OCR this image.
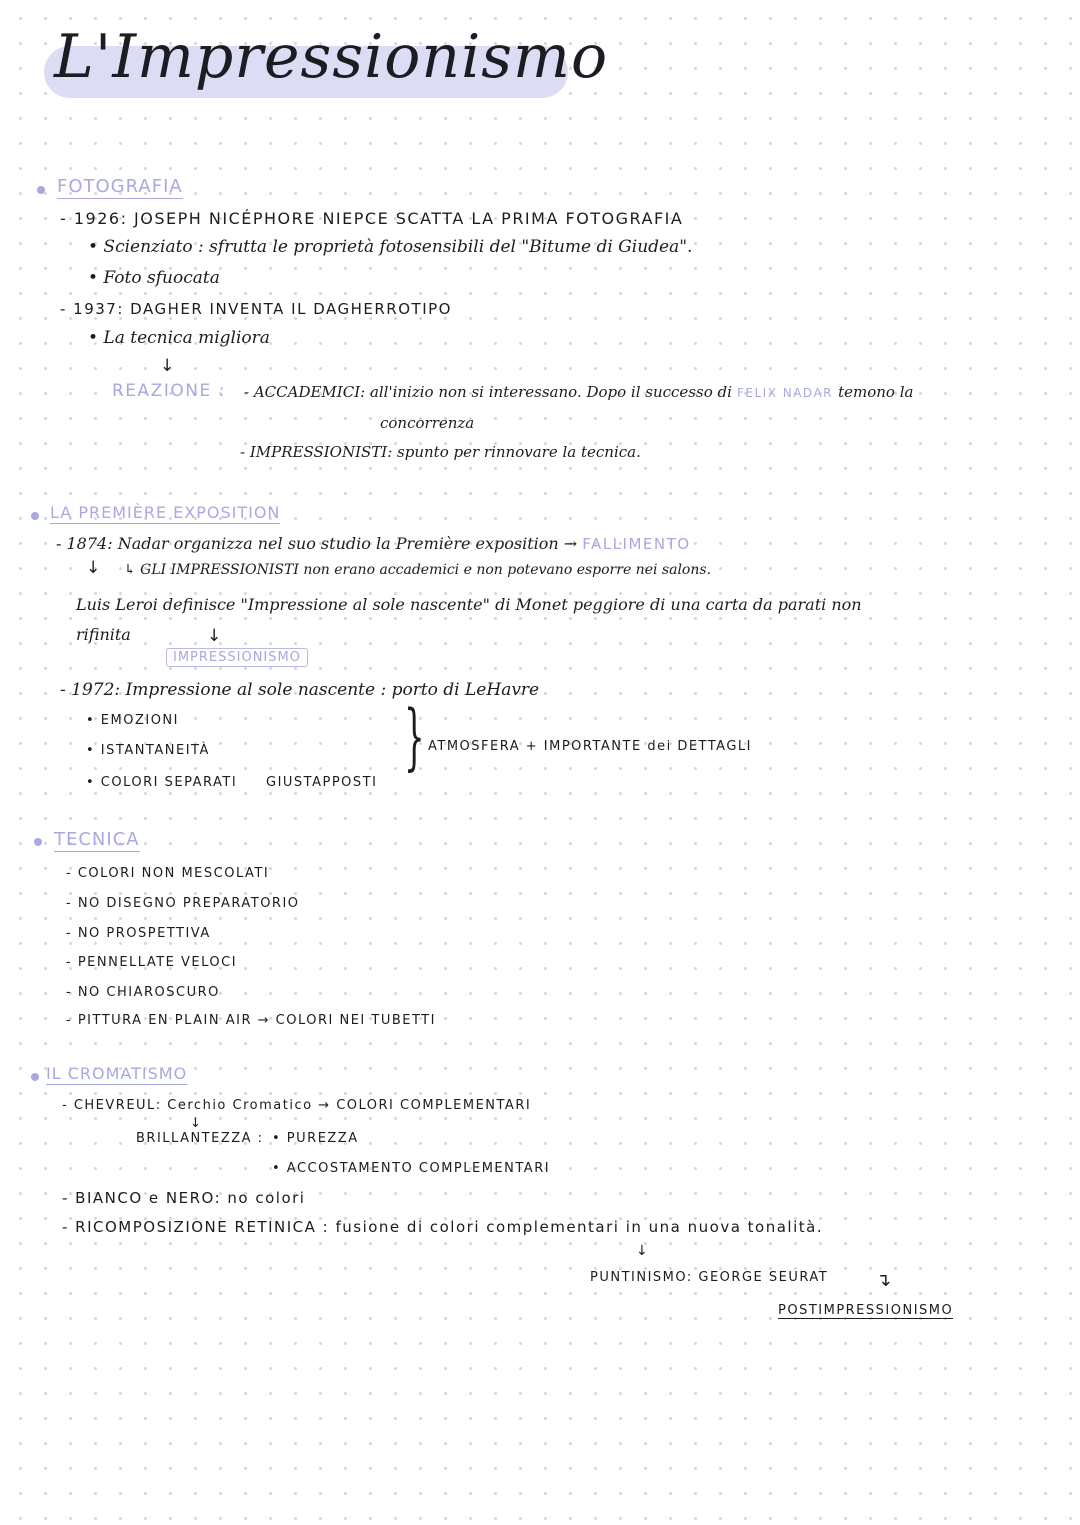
L'Impressionismo
FOTOGRAFIA
- 1926: JOSEPH NICÉPHORE NIEPCE SCATTA LA PRIMA FOTOGRAFIA
• Scienziato : sfrutta le proprietà fotosensibili del "Bitume di Giudea".
• Foto sfuocata
- 1937: DAGHER INVENTA IL DAGHERROTIPO
• La tecnica migliora
↓
REAZIONE : - ACCADEMICI: all'inizio non si interessano. Dopo il successo di FELIX NADAR temono la
concorrenza
- IMPRESSIONISTI: spunto per rinnovare la tecnica.
LA PREMIÈRE EXPOSITION
- 1874: Nadar organizza nel suo studio la Première exposition → FALLIMENTO
↓ ↳ GLI IMPRESSIONISTI non erano accademici e non potevano esporre nei salons.
Luis Leroi definisce "Impressione al sole nascente" di Monet peggiore di una carta da parati non
rifinita	↓
IMPRESSIONISMO
- 1972: Impressione al sole nascente : porto di LeHavre
• EMOZIONI
• ISTANTANEITÀ
• COLORI SEPARATI GIUSTAPPOSTI
} ATMOSFERA + IMPORTANTE dei DETTAGLI
TECNICA
- COLORI NON MESCOLATI
- NO DISEGNO PREPARATORIO
- NO PROSPETTIVA
- PENNELLATE VELOCI
- NO CHIAROSCURO
- PITTURA EN PLAIN AIR → COLORI NEI TUBETTI
IL CROMATISMO
- CHEVREUL: Cerchio Cromatico → COLORI COMPLEMENTARI
↓
BRILLANTEZZA : • PUREZZA
• ACCOSTAMENTO COMPLEMENTARI
- BIANCO e NERO: no colori
- RICOMPOSIZIONE RETINICA : fusione di colori complementari in una nuova tonalità.
↓
PUNTINISMO: GEORGE SEURAT	↴
POSTIMPRESSIONISMO
